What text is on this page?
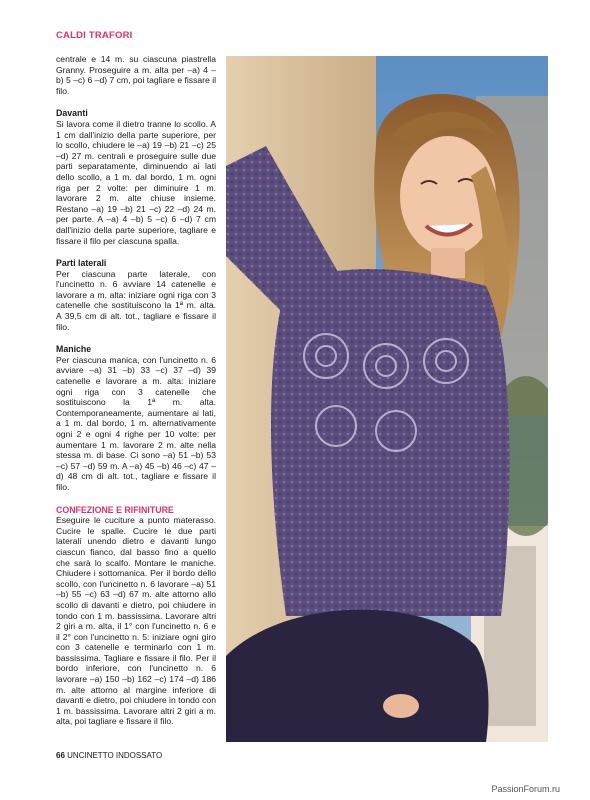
CALDI TRAFORI

centrale e 14 m. su ciascuna piastrella Granny. Proseguire a m. alta per –a) 4 –b) 5 –c) 6 –d) 7 cm, poi tagliare e fissare il filo.

Davanti

Si lavora come il dietro tranne lo scollo. A 1 cm dall'inizio della parte superiore, per lo scollo, chiudere le –a) 19 –b) 21 –c) 25 –d) 27 m. centrali e proseguire sulle due parti separatamente, diminuendo ai lati dello scollo, a 1 m. dal bordo, 1 m. ogni riga per 2 volte: per diminuire 1 m. lavorare 2 m. alte chiuse insieme. Restano –a) 19 –b) 21 –c) 22 –d) 24 m. per parte. A –a) 4 –b) 5 –c) 6 –d) 7 cm dall'inizio della parte superiore, tagliare e fissare il filo per ciascuna spalla.

Parti laterali

Per ciascuna parte laterale, con l'uncinetto n. 6 avviare 14 catenelle e lavorare a m. alta: iniziare ogni riga con 3 catenelle che sostituiscono la 1ª m. alta. A 39,5 cm di alt. tot., tagliare e fissare il filo.

Maniche

Per ciascuna manica, con l'uncinetto n. 6 avviare –a) 31 –b) 33 –c) 37 –d) 39 catenelle e lavorare a m. alta: iniziare ogni riga con 3 catenelle che sostituiscono la 1ª m. alta. Contemporaneamente, aumentare ai lati, a 1 m. dal bordo, 1 m. alternativamente ogni 2 e ogni 4 righe per 10 volte: per aumentare 1 m. lavorare 2 m. alte nella stessa m. di base. Ci sono –a) 51 –b) 53 –c) 57 –d) 59 m. A –a) 45 –b) 46 –c) 47 –d) 48 cm di alt. tot., tagliare e fissare il filo.

CONFEZIONE E RIFINITURE

Eseguire le cuciture a punto materasso. Cucire le spalle. Cucire le due parti laterali unendo dietro e davanti lungo ciascun fianco, dal basso fino a quello che sarà lo scalfo. Montare le maniche. Chiudere i sottomanica. Per il bordo dello scollo, con l'uncinetto n. 6 lavorare –a) 51 –b) 55 –c) 63 –d) 67 m. alte attorno allo scollo di davanti e dietro, poi chiudere in tondo con 1 m. bassissima. Lavorare altri 2 giri a m. alta, il 1° con l'uncinetto n. 6 e il 2° con l'uncinetto n. 5: iniziare ogni giro con 3 catenelle e terminarlo con 1 m. bassissima. Tagliare e fissare il filo. Per il bordo inferiore, con l'uncinetto n. 6 lavorare –a) 150 –b) 162 –c) 174 –d) 186 m. alte attorno al margine inferiore di davanti e dietro, poi chiudere in tondo con 1 m. bassissima. Lavorare altri 2 giri a m. alta, poi tagliare e fissare il filo.

66 UNCINETTO INDOSSATO
PassionForum.ru
